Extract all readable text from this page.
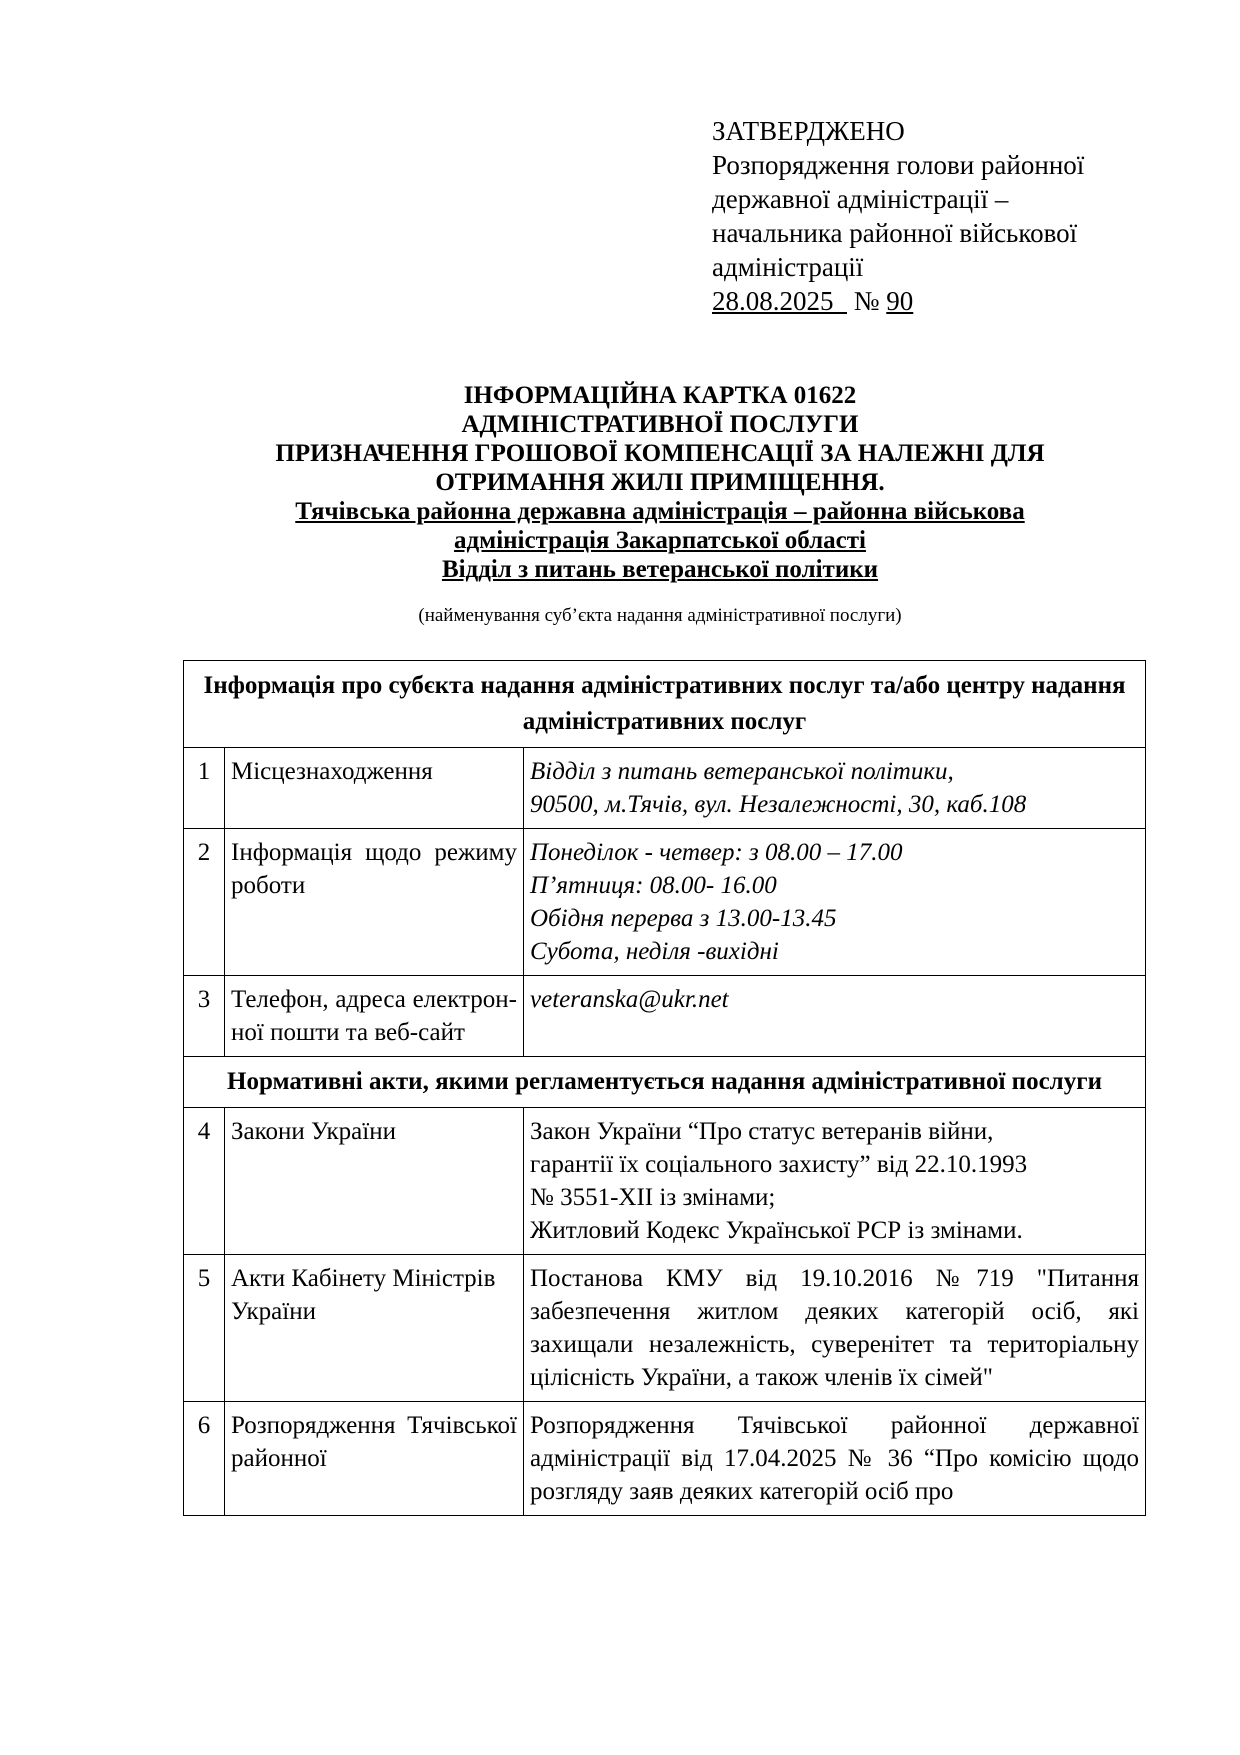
ЗАТВЕРДЖЕНО
Розпорядження голови районної
державної адміністрації –
начальника районної військової
адміністрації
28.08.2025 № 90
ІНФОРМАЦІЙНА КАРТКА 01622
АДМІНІСТРАТИВНОЇ ПОСЛУГИ
ПРИЗНАЧЕННЯ ГРОШОВОЇ КОМПЕНСАЦІЇ ЗА НАЛЕЖНІ ДЛЯ
ОТРИМАННЯ ЖИЛІ ПРИМІЩЕННЯ.
Тячівська районна державна адміністрація – районна військова
адміністрація Закарпатської області
Відділ з питань ветеранської політики
(найменування суб’єкта надання адміністративної послуги)
Інформація про субєкта надання адміністративних послуг та/або центру надання адміністративних послуг		
1	Місцезнаходження	Відділ з питань ветеранської політики,
90500, м.Тячів, вул. Незалежності, 30, каб.108

2	Інформація щодо режиму роботи	Понеділок - четвер: з 08.00 – 17.00
П’ятниця: 08.00- 16.00
Обідня перерва з 13.00-13.45
Субота, неділя -вихідні

3	Телефон, адреса електрон-ної пошти та веб-сайт	veteranska@ukr.net

Нормативні акти, якими регламентується надання адміністративної послуги		
4	Закони України	Закон України “Про статус ветеранів війни,
гарантії їх соціального захисту” від 22.10.1993
№ 3551-ХІІ із змінами;
Житловий Кодекс Української РСР із змінами.

5	Акти Кабінету Міністрів України	Постанова КМУ від 19.10.2016 №719 "Питання забезпечення житлом деяких категорій осіб, які захищали незалежність, суверенітет та територіальну цілісність України, а також членів їх сімей"
6	Розпорядження Тячівської районної	Розпорядження Тячівської районної державної адміністрації від 17.04.2025 № 36 “Про комісію щодо розгляду заяв деяких категорій осіб про
